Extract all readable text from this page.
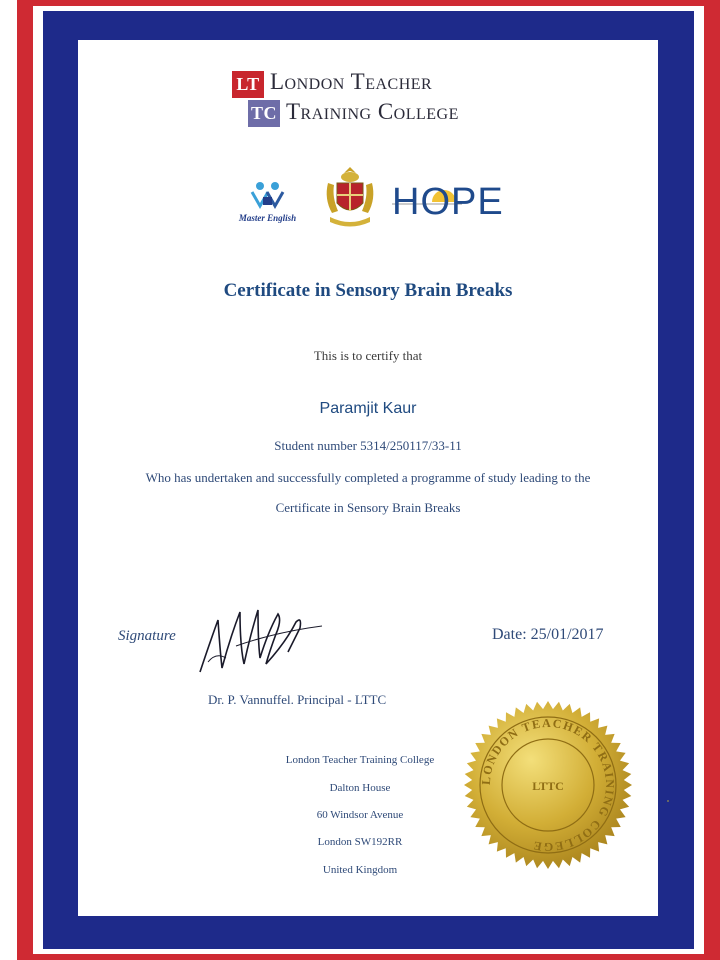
TC
LT London Teacher
Training College
Master English	HOPE
Certificate in Sensory Brain Breaks
This is to certify that
Paramjit Kaur
Student number 5314/250117/33-11
Who has undertaken and successfully completed a programme of study leading to the
Certificate in Sensory Brain Breaks
Signature	Date: 25/01/2017
Dr. P. Vannuffel. Principal - LTTC
London Teacher Training College
Dalton House
60 Windsor Avenue
London SW192RR
United Kingdom
LONDON TEACHER TRAINING COLLEGE
LTTC
